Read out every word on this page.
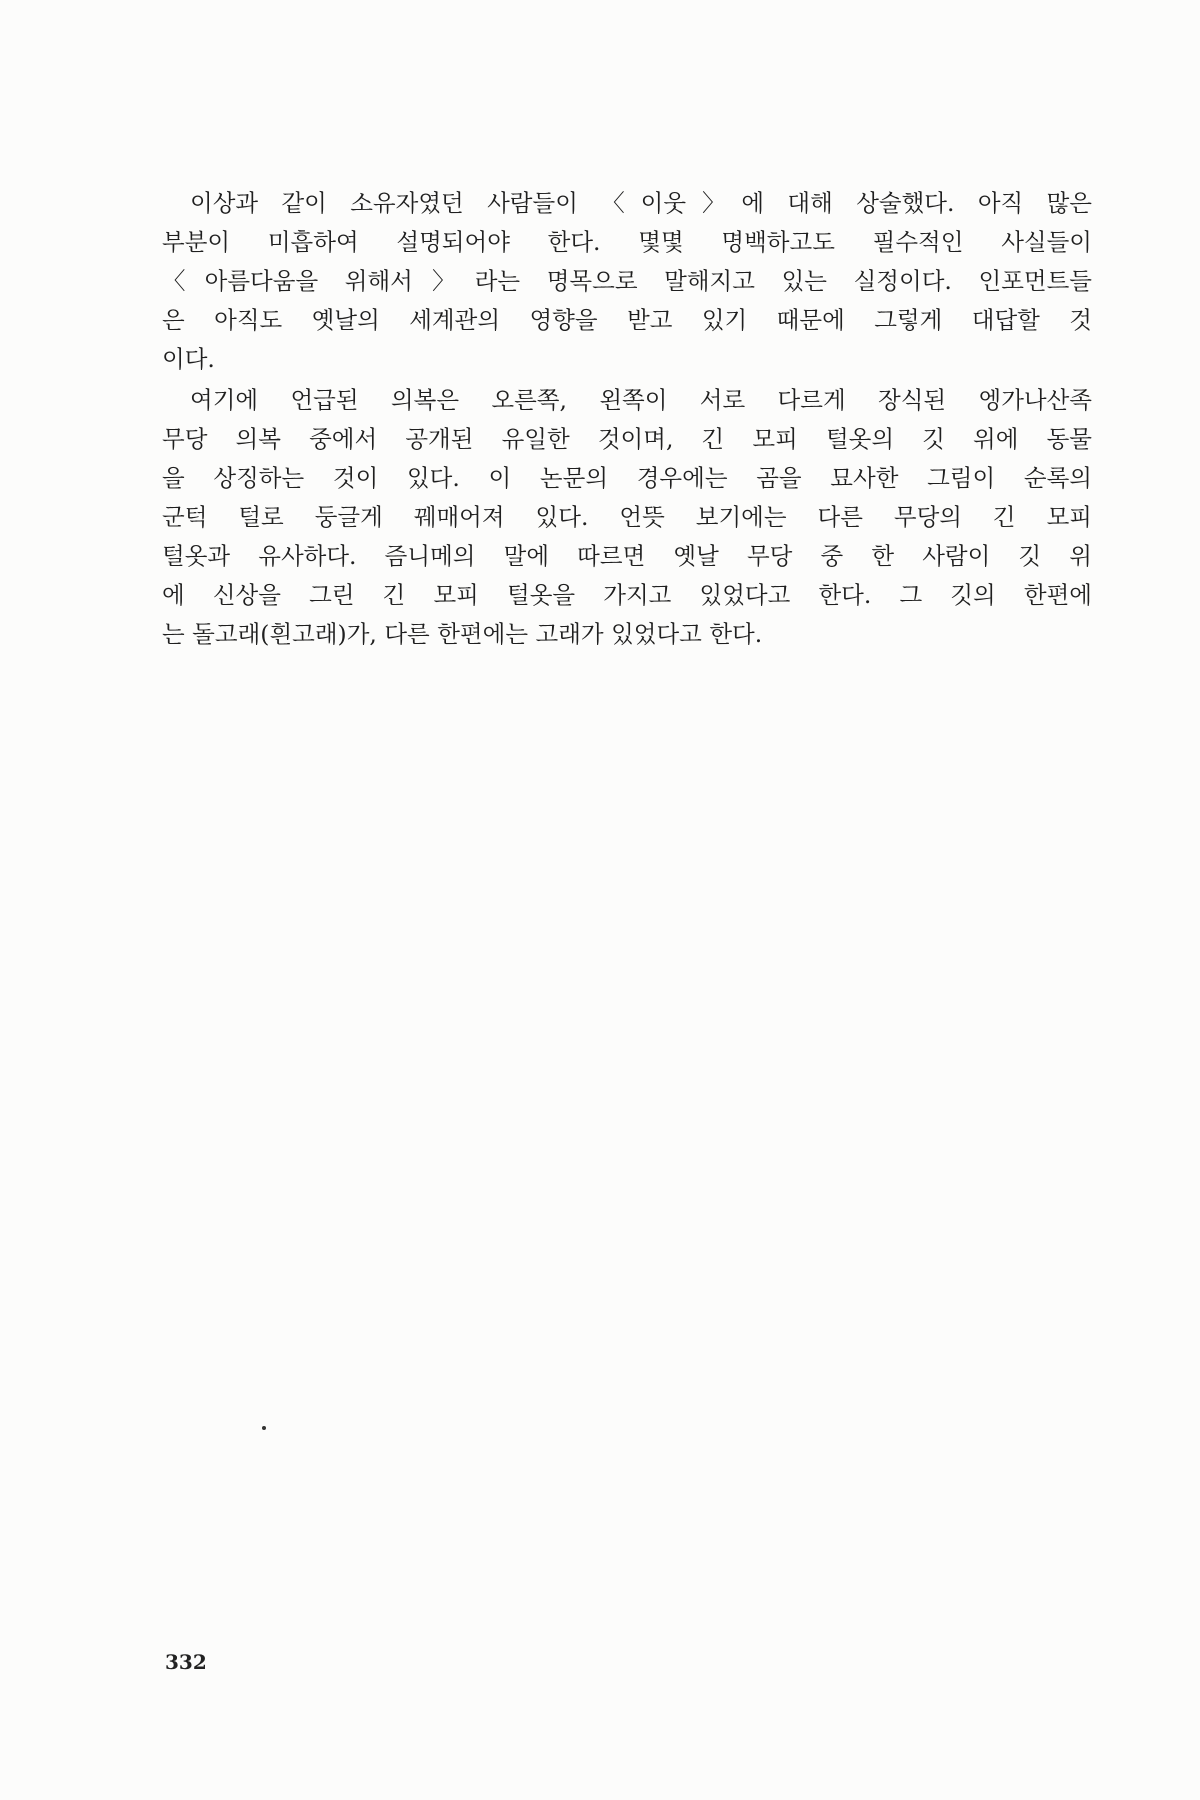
이상과 같이 소유자였던 사람들이 〈이웃〉에 대해 상술했다. 아직 많은
부분이 미흡하여 설명되어야 한다. 몇몇 명백하고도 필수적인 사실들이
〈아름다움을 위해서〉라는 명목으로 말해지고 있는 실정이다. 인포먼트들
은 아직도 옛날의 세계관의 영향을 받고 있기 때문에 그렇게 대답할 것
이다.
여기에 언급된 의복은 오른쪽, 왼쪽이 서로 다르게 장식된 엥가나산족
무당 의복 중에서 공개된 유일한 것이며, 긴 모피 털옷의 깃 위에 동물
을 상징하는 것이 있다. 이 논문의 경우에는 곰을 묘사한 그림이 순록의
군턱 털로 둥글게 꿰매어져 있다. 언뜻 보기에는 다른 무당의 긴 모피
털옷과 유사하다. 즘니메의 말에 따르면 옛날 무당 중 한 사람이 깃 위
에 신상을 그린 긴 모피 털옷을 가지고 있었다고 한다. 그 깃의 한편에
는 돌고래(흰고래)가, 다른 한편에는 고래가 있었다고 한다.
332
